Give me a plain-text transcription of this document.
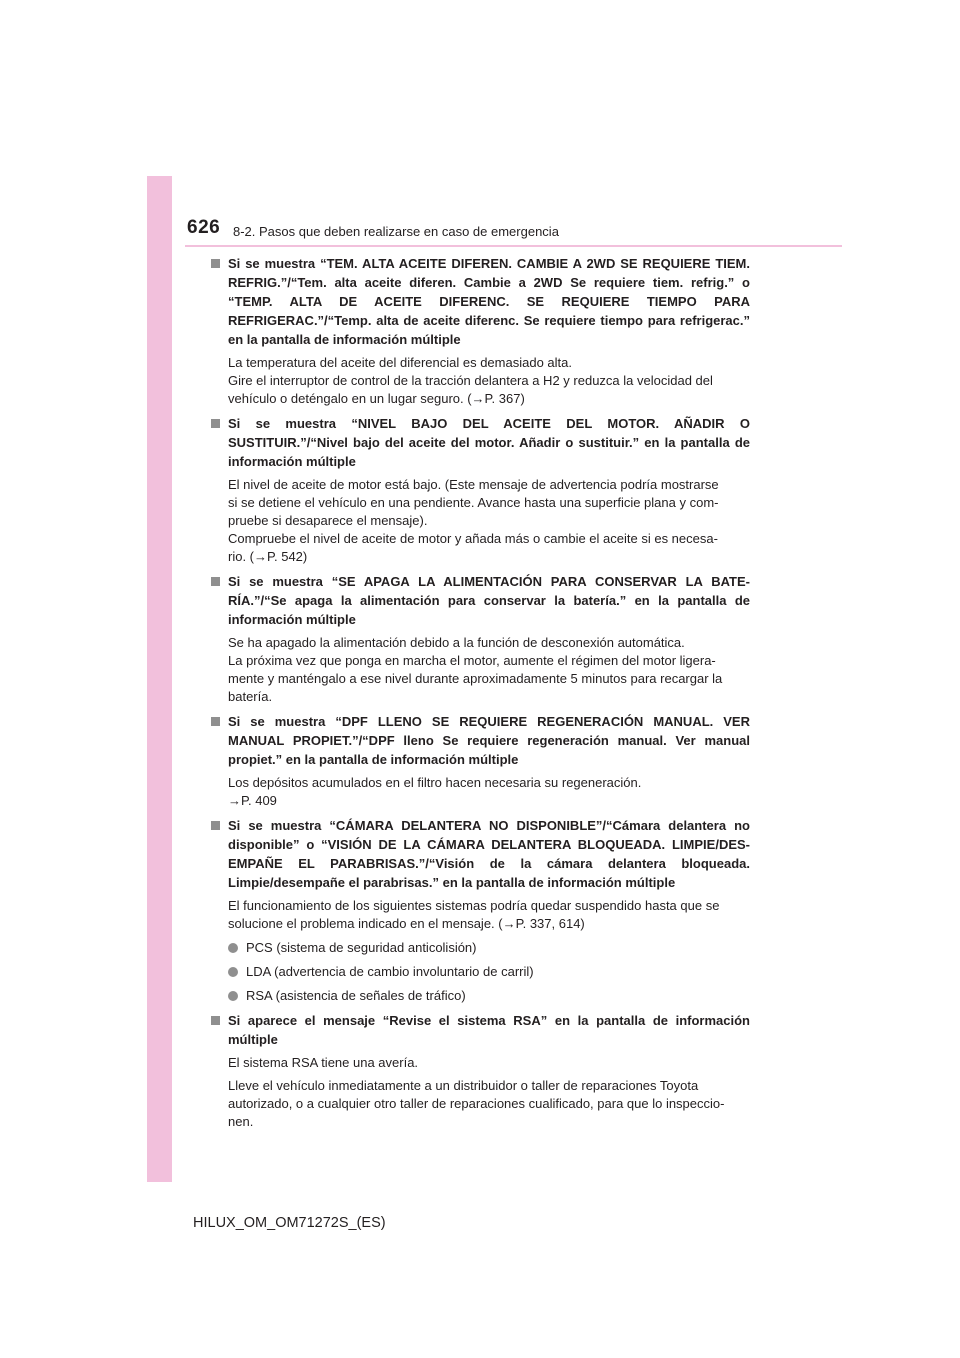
626 8-2. Pasos que deben realizarse en caso de emergencia
Si se muestra “TEM. ALTA ACEITE DIFEREN. CAMBIE A 2WD SE REQUIERE TIEM. REFRIG.”/“Tem. alta aceite diferen. Cambie a 2WD Se requiere tiem. refrig.” o “TEMP. ALTA DE ACEITE DIFERENC. SE REQUIERE TIEMPO PARA REFRIGERAC.”/“Temp. alta de aceite diferenc. Se requiere tiempo para refrigerac.” en la pantalla de información múltiple
La temperatura del aceite del diferencial es demasiado alta.
Gire el interruptor de control de la tracción delantera a H2 y reduzca la velocidad del
vehículo o deténgalo en un lugar seguro. (→P. 367)
Si se muestra “NIVEL BAJO DEL ACEITE DEL MOTOR. AÑADIR O SUSTITUIR.”/“Nivel bajo del aceite del motor. Añadir o sustituir.” en la pantalla de información múltiple
El nivel de aceite de motor está bajo. (Este mensaje de advertencia podría mostrarse
si se detiene el vehículo en una pendiente. Avance hasta una superficie plana y com-
pruebe si desaparece el mensaje).
Compruebe el nivel de aceite de motor y añada más o cambie el aceite si es necesa-
rio. (→P. 542)
Si se muestra “SE APAGA LA ALIMENTACIÓN PARA CONSERVAR LA BATE-RÍA.”/“Se apaga la alimentación para conservar la batería.” en la pantalla de información múltiple
Se ha apagado la alimentación debido a la función de desconexión automática.
La próxima vez que ponga en marcha el motor, aumente el régimen del motor ligera-
mente y manténgalo a ese nivel durante aproximadamente 5 minutos para recargar la
batería.
Si se muestra “DPF LLENO SE REQUIERE REGENERACIÓN MANUAL. VER MANUAL PROPIET.”/“DPF lleno Se requiere regeneración manual. Ver manual propiet.” en la pantalla de información múltiple
Los depósitos acumulados en el filtro hacen necesaria su regeneración.
→P. 409
Si se muestra “CÁMARA DELANTERA NO DISPONIBLE”/“Cámara delantera no disponible” o “VISIÓN DE LA CÁMARA DELANTERA BLOQUEADA. LIMPIE/DES-EMPAÑE EL PARABRISAS.”/“Visión de la cámara delantera bloqueada. Limpie/desempañe el parabrisas.” en la pantalla de información múltiple
El funcionamiento de los siguientes sistemas podría quedar suspendido hasta que se
solucione el problema indicado en el mensaje. (→P. 337, 614)
PCS (sistema de seguridad anticolisión)
LDA (advertencia de cambio involuntario de carril)
RSA (asistencia de señales de tráfico)
Si aparece el mensaje “Revise el sistema RSA” en la pantalla de información múltiple
El sistema RSA tiene una avería.
Lleve el vehículo inmediatamente a un distribuidor o taller de reparaciones Toyota
autorizado, o a cualquier otro taller de reparaciones cualificado, para que lo inspeccio-
nen.
HILUX_OM_OM71272S_(ES)
